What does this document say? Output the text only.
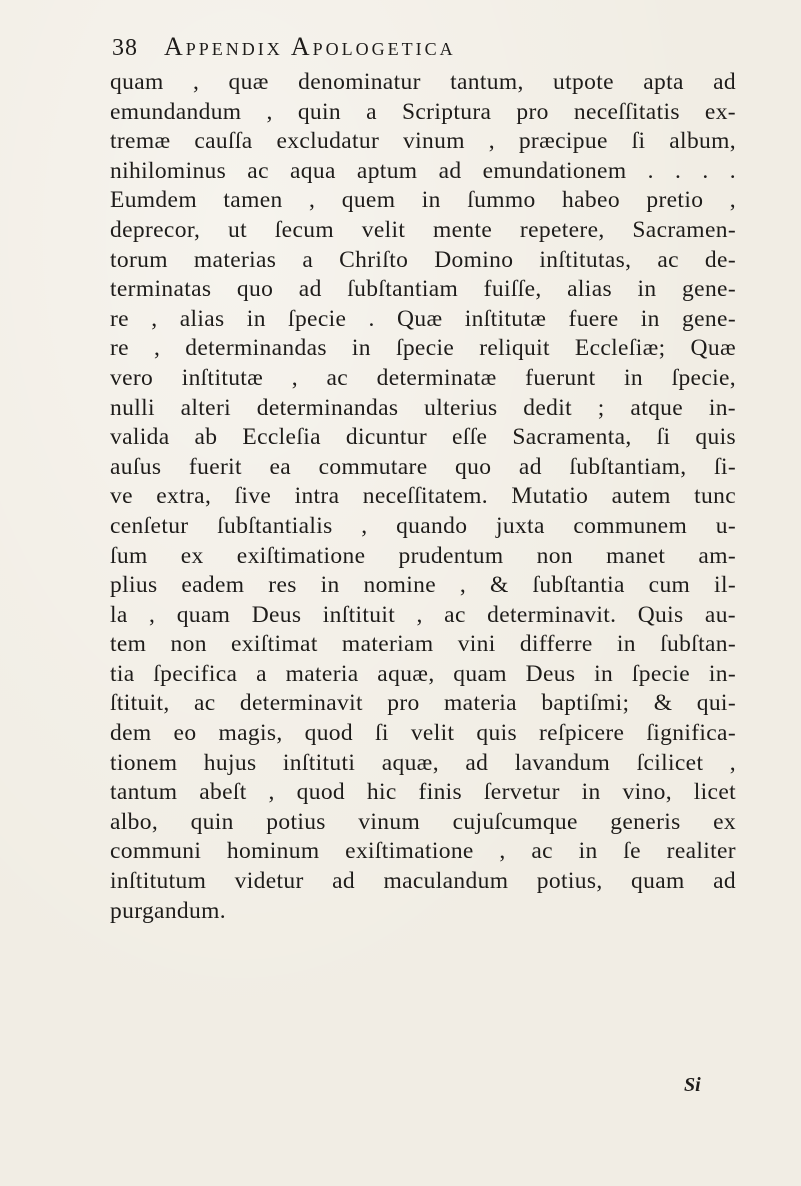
38 Appendix Apologetica
quam , quæ denominatur tantum, utpote apta ad
emundandum , quin a Scriptura pro neceſſitatis ex-
tremæ cauſſa excludatur vinum , præcipue ſi album,
nihilominus ac aqua aptum ad emundationem . . . .
Eumdem tamen , quem in ſummo habeo pretio ,
deprecor, ut ſecum velit mente repetere, Sacramen-
torum materias a Chriſto Domino inſtitutas, ac de-
terminatas quo ad ſubſtantiam fuiſſe, alias in gene-
re , alias in ſpecie . Quæ inſtitutæ fuere in gene-
re , determinandas in ſpecie reliquit Eccleſiæ; Quæ
vero inſtitutæ , ac determinatæ fuerunt in ſpecie,
nulli alteri determinandas ulterius dedit ; atque in-
valida ab Eccleſia dicuntur eſſe Sacramenta, ſi quis
auſus fuerit ea commutare quo ad ſubſtantiam, ſi-
ve extra, ſive intra neceſſitatem. Mutatio autem tunc
cenſetur ſubſtantialis , quando juxta communem u-
ſum ex exiſtimatione prudentum non manet am-
plius eadem res in nomine , & ſubſtantia cum il-
la , quam Deus inſtituit , ac determinavit. Quis au-
tem non exiſtimat materiam vini differre in ſubſtan-
tia ſpecifica a materia aquæ, quam Deus in ſpecie in-
ſtituit, ac determinavit pro materia baptiſmi; & qui-
dem eo magis, quod ſi velit quis reſpicere ſignifica-
tionem hujus inſtituti aquæ, ad lavandum ſcilicet ,
tantum abeſt , quod hic finis ſervetur in vino, licet
albo, quin potius vinum cujuſcumque generis ex
communi hominum exiſtimatione , ac in ſe realiter
inſtitutum videtur ad maculandum potius, quam ad
purgandum.
Si
